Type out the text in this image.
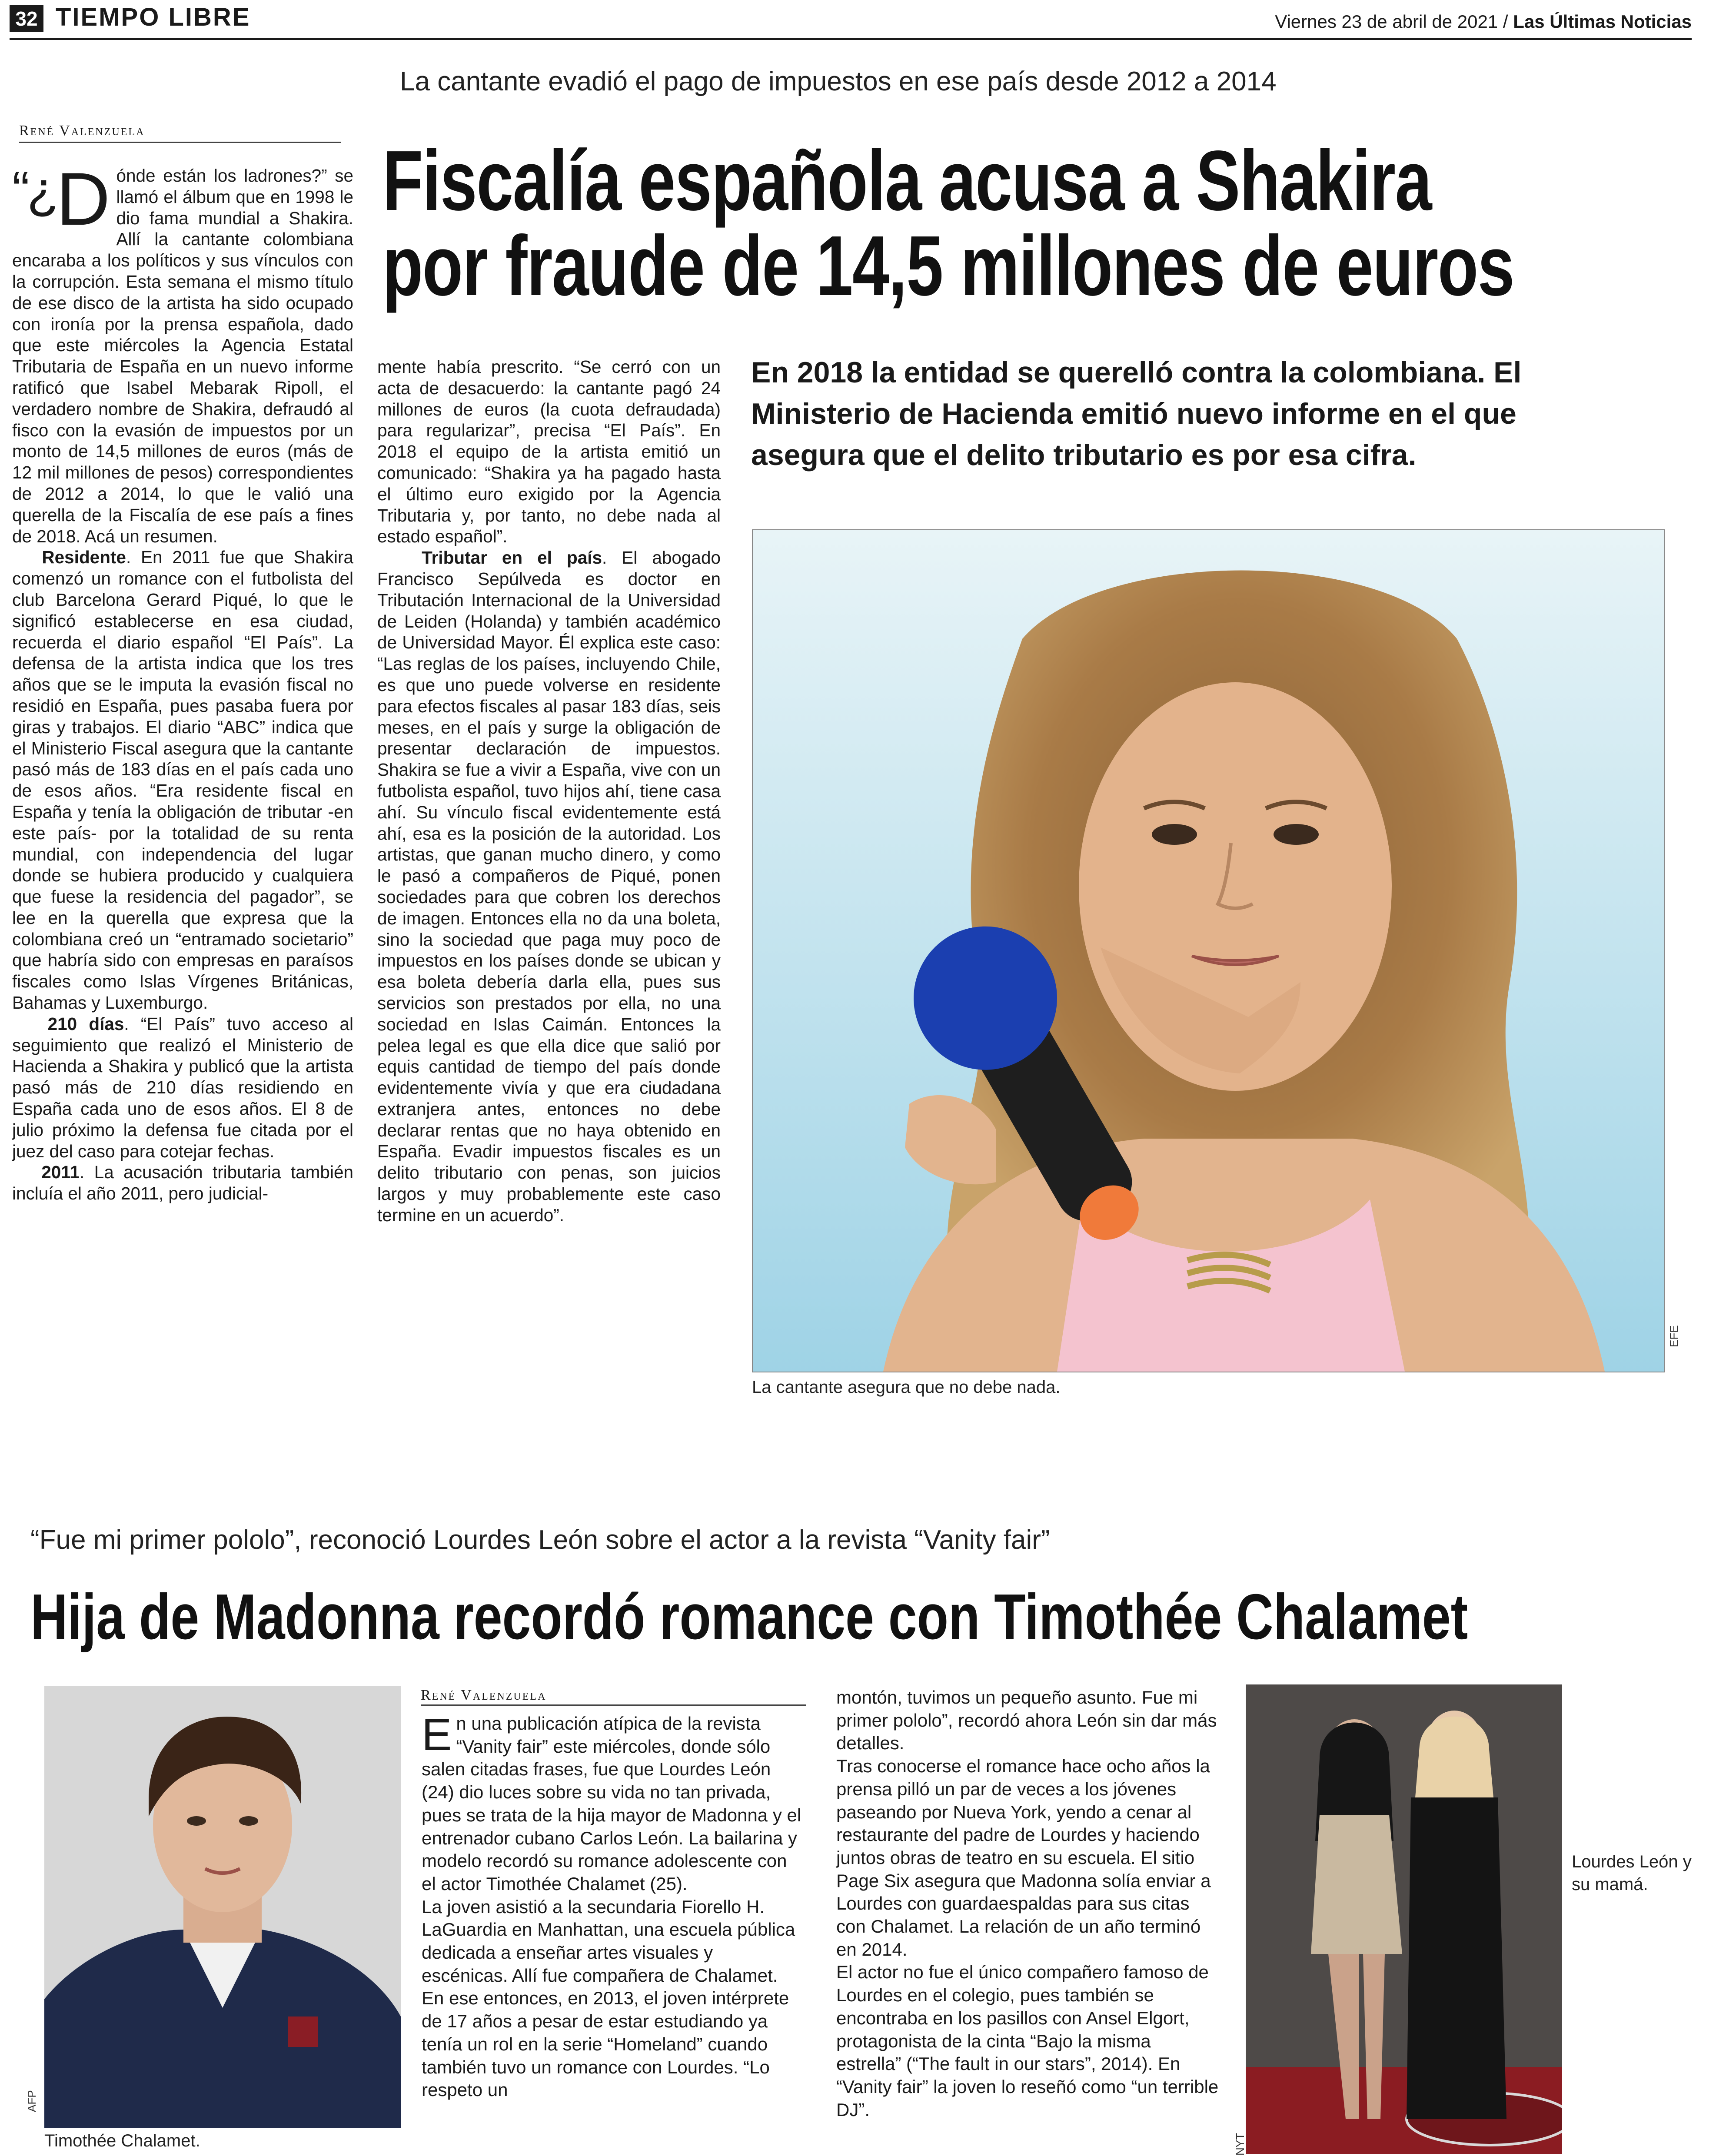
32 TIEMPO LIBRE	Viernes 23 de abril de 2021 / Las Últimas Noticias
La cantante evadió el pago de impuestos en ese país desde 2012 a 2014
René Valenzuela
Fiscalía española acusa a Shakira
por fraude de 14,5 millones de euros
En 2018 la entidad se querelló contra la colombiana. El Ministerio de Hacienda emitió nuevo informe en el que asegura que el delito tributario es por esa cifra.

“¿D ónde están los ladrones?” se llamó el álbum que en 1998 le dio fama mundial a Shakira. Allí la cantante colombiana encaraba a los políticos y sus vínculos con la corrupción. Esta semana el mismo título de ese disco de la artista ha sido ocupado con ironía por la prensa española, dado que este miércoles la Agencia Estatal Tributaria de España en un nuevo informe ratificó que Isabel Mebarak Ripoll, el verdadero nombre de Shakira, defraudó al fisco con la evasión de impuestos por un monto de 14,5 millones de euros (más de 12 mil millones de pesos) correspondientes de 2012 a 2014, lo que le valió una querella de la Fiscalía de ese país a fines de 2018. Acá un resumen.

Residente. En 2011 fue que Shakira comenzó un romance con el futbolista del club Barcelona Gerard Piqué, lo que le significó establecerse en esa ciudad, recuerda el diario español “El País”. La defensa de la artista indica que los tres años que se le imputa la evasión fiscal no residió en España, pues pasaba fuera por giras y trabajos. El diario “ABC” indica que el Ministerio Fiscal asegura que la cantante pasó más de 183 días en el país cada uno de esos años. “Era residente fiscal en España y tenía la obligación de tributar -en este país- por la totalidad de su renta mundial, con independencia del lugar donde se hubiera producido y cualquiera que fuese la residencia del pagador”, se lee en la querella que expresa que la colombiana creó un “entramado societario” que habría sido con empresas en paraísos fiscales como Islas Vírgenes Británicas, Bahamas y Luxemburgo.

210 días. “El País” tuvo acceso al seguimiento que realizó el Ministerio de Hacienda a Shakira y publicó que la artista pasó más de 210 días residiendo en España cada uno de esos años. El 8 de julio próximo la defensa fue citada por el juez del caso para cotejar fechas.

2011. La acusación tributaria también incluía el año 2011, pero judicial-

mente había prescrito. “Se cerró con un acta de desacuerdo: la cantante pagó 24 millones de euros (la cuota defraudada) para regularizar”, precisa “El País”. En 2018 el equipo de la artista emitió un comunicado: “Shakira ya ha pagado hasta el último euro exigido por la Agencia Tributaria y, por tanto, no debe nada al estado español”.

Tributar en el país. El abogado Francisco Sepúlveda es doctor en Tributación Internacional de la Universidad de Leiden (Holanda) y también académico de Universidad Mayor. Él explica este caso: “Las reglas de los países, incluyendo Chile, es que uno puede volverse en residente para efectos fiscales al pasar 183 días, seis meses, en el país y surge la obligación de presentar declaración de impuestos. Shakira se fue a vivir a España, vive con un futbolista español, tuvo hijos ahí, tiene casa ahí. Su vínculo fiscal evidentemente está ahí, esa es la posición de la autoridad. Los artistas, que ganan mucho dinero, y como le pasó a compañeros de Piqué, ponen sociedades para que cobren los derechos de imagen. Entonces ella no da una boleta, sino la sociedad que paga muy poco de impuestos en los países donde se ubican y esa boleta debería darla ella, pues sus servicios son prestados por ella, no una sociedad en Islas Caimán. Entonces la pelea legal es que ella dice que salió por equis cantidad de tiempo del país donde evidentemente vivía y que era ciudadana extranjera antes, entonces no debe declarar rentas que no haya obtenido en España. Evadir impuestos fiscales es un delito tributario con penas, son juicios largos y muy probablemente este caso termine en un acuerdo”.

EFE
La cantante asegura que no debe nada.
“Fue mi primer pololo”, reconoció Lourdes León sobre el actor a la revista “Vanity fair”
Hija de Madonna recordó romance con Timothée Chalamet
AFP
Timothée Chalamet.
René Valenzuela

En una publicación atípica de la revista “Vanity fair” este miércoles, donde sólo salen citadas frases, fue que Lourdes León (24) dio luces sobre su vida no tan privada, pues se trata de la hija mayor de Madonna y el entrenador cubano Carlos León. La bailarina y modelo recordó su romance adolescente con el actor Timothée Chalamet (25).

La joven asistió a la secundaria Fiorello H. LaGuardia en Manhattan, una escuela pública dedicada a enseñar artes visuales y escénicas. Allí fue compañera de Chalamet. En ese entonces, en 2013, el joven intérprete de 17 años a pesar de estar estudiando ya tenía un rol en la serie “Homeland” cuando también tuvo un romance con Lourdes. “Lo respeto un

montón, tuvimos un pequeño asunto. Fue mi primer pololo”, recordó ahora León sin dar más detalles.

Tras conocerse el romance hace ocho años la prensa pilló un par de veces a los jóvenes paseando por Nueva York, yendo a cenar al restaurante del padre de Lourdes y haciendo juntos obras de teatro en su escuela. El sitio Page Six asegura que Madonna solía enviar a Lourdes con guardaespaldas para sus citas con Chalamet. La relación de un año terminó en 2014.

El actor no fue el único compañero famoso de Lourdes en el colegio, pues también se encontraba en los pasillos con Ansel Elgort, protagonista de la cinta “Bajo la misma estrella” (“The fault in our stars”, 2014). En “Vanity fair” la joven lo reseñó como “un terrible DJ”.

NYT
Lourdes León y su mamá.
